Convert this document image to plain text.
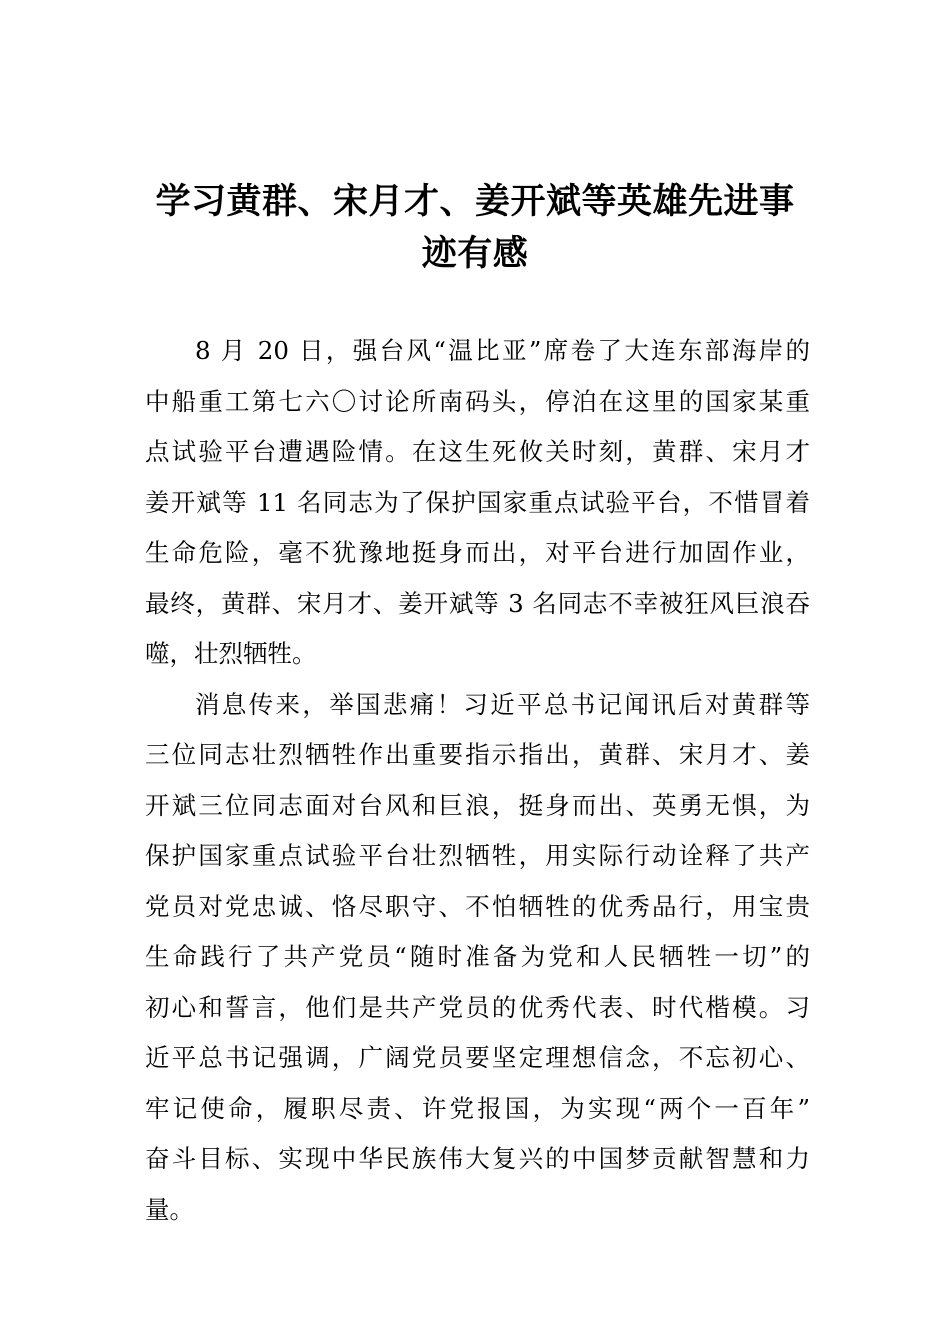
学习黄群、宋月才、姜开斌等英雄先进事
迹有感
8 月 20 日，强台风“温比亚”席卷了大连东部海岸的
中船重工第七六〇讨论所南码头，停泊在这里的国家某重
点试验平台遭遇险情。在这生死攸关时刻，黄群、宋月才
姜开斌等 11 名同志为了保护国家重点试验平台，不惜冒着
生命危险，毫不犹豫地挺身而出，对平台进行加固作业，
最终，黄群、宋月才、姜开斌等 3 名同志不幸被狂风巨浪吞
噬，壮烈牺牲。
消息传来，举国悲痛！习近平总书记闻讯后对黄群等
三位同志壮烈牺牲作出重要指示指出，黄群、宋月才、姜
开斌三位同志面对台风和巨浪，挺身而出、英勇无惧，为
保护国家重点试验平台壮烈牺牲，用实际行动诠释了共产
党员对党忠诚、恪尽职守、不怕牺牲的优秀品行，用宝贵
生命践行了共产党员“随时准备为党和人民牺牲一切”的
初心和誓言，他们是共产党员的优秀代表、时代楷模。习
近平总书记强调，广阔党员要坚定理想信念，不忘初心、
牢记使命，履职尽责、许党报国，为实现“两个一百年”
奋斗目标、实现中华民族伟大复兴的中国梦贡献智慧和力
量。
